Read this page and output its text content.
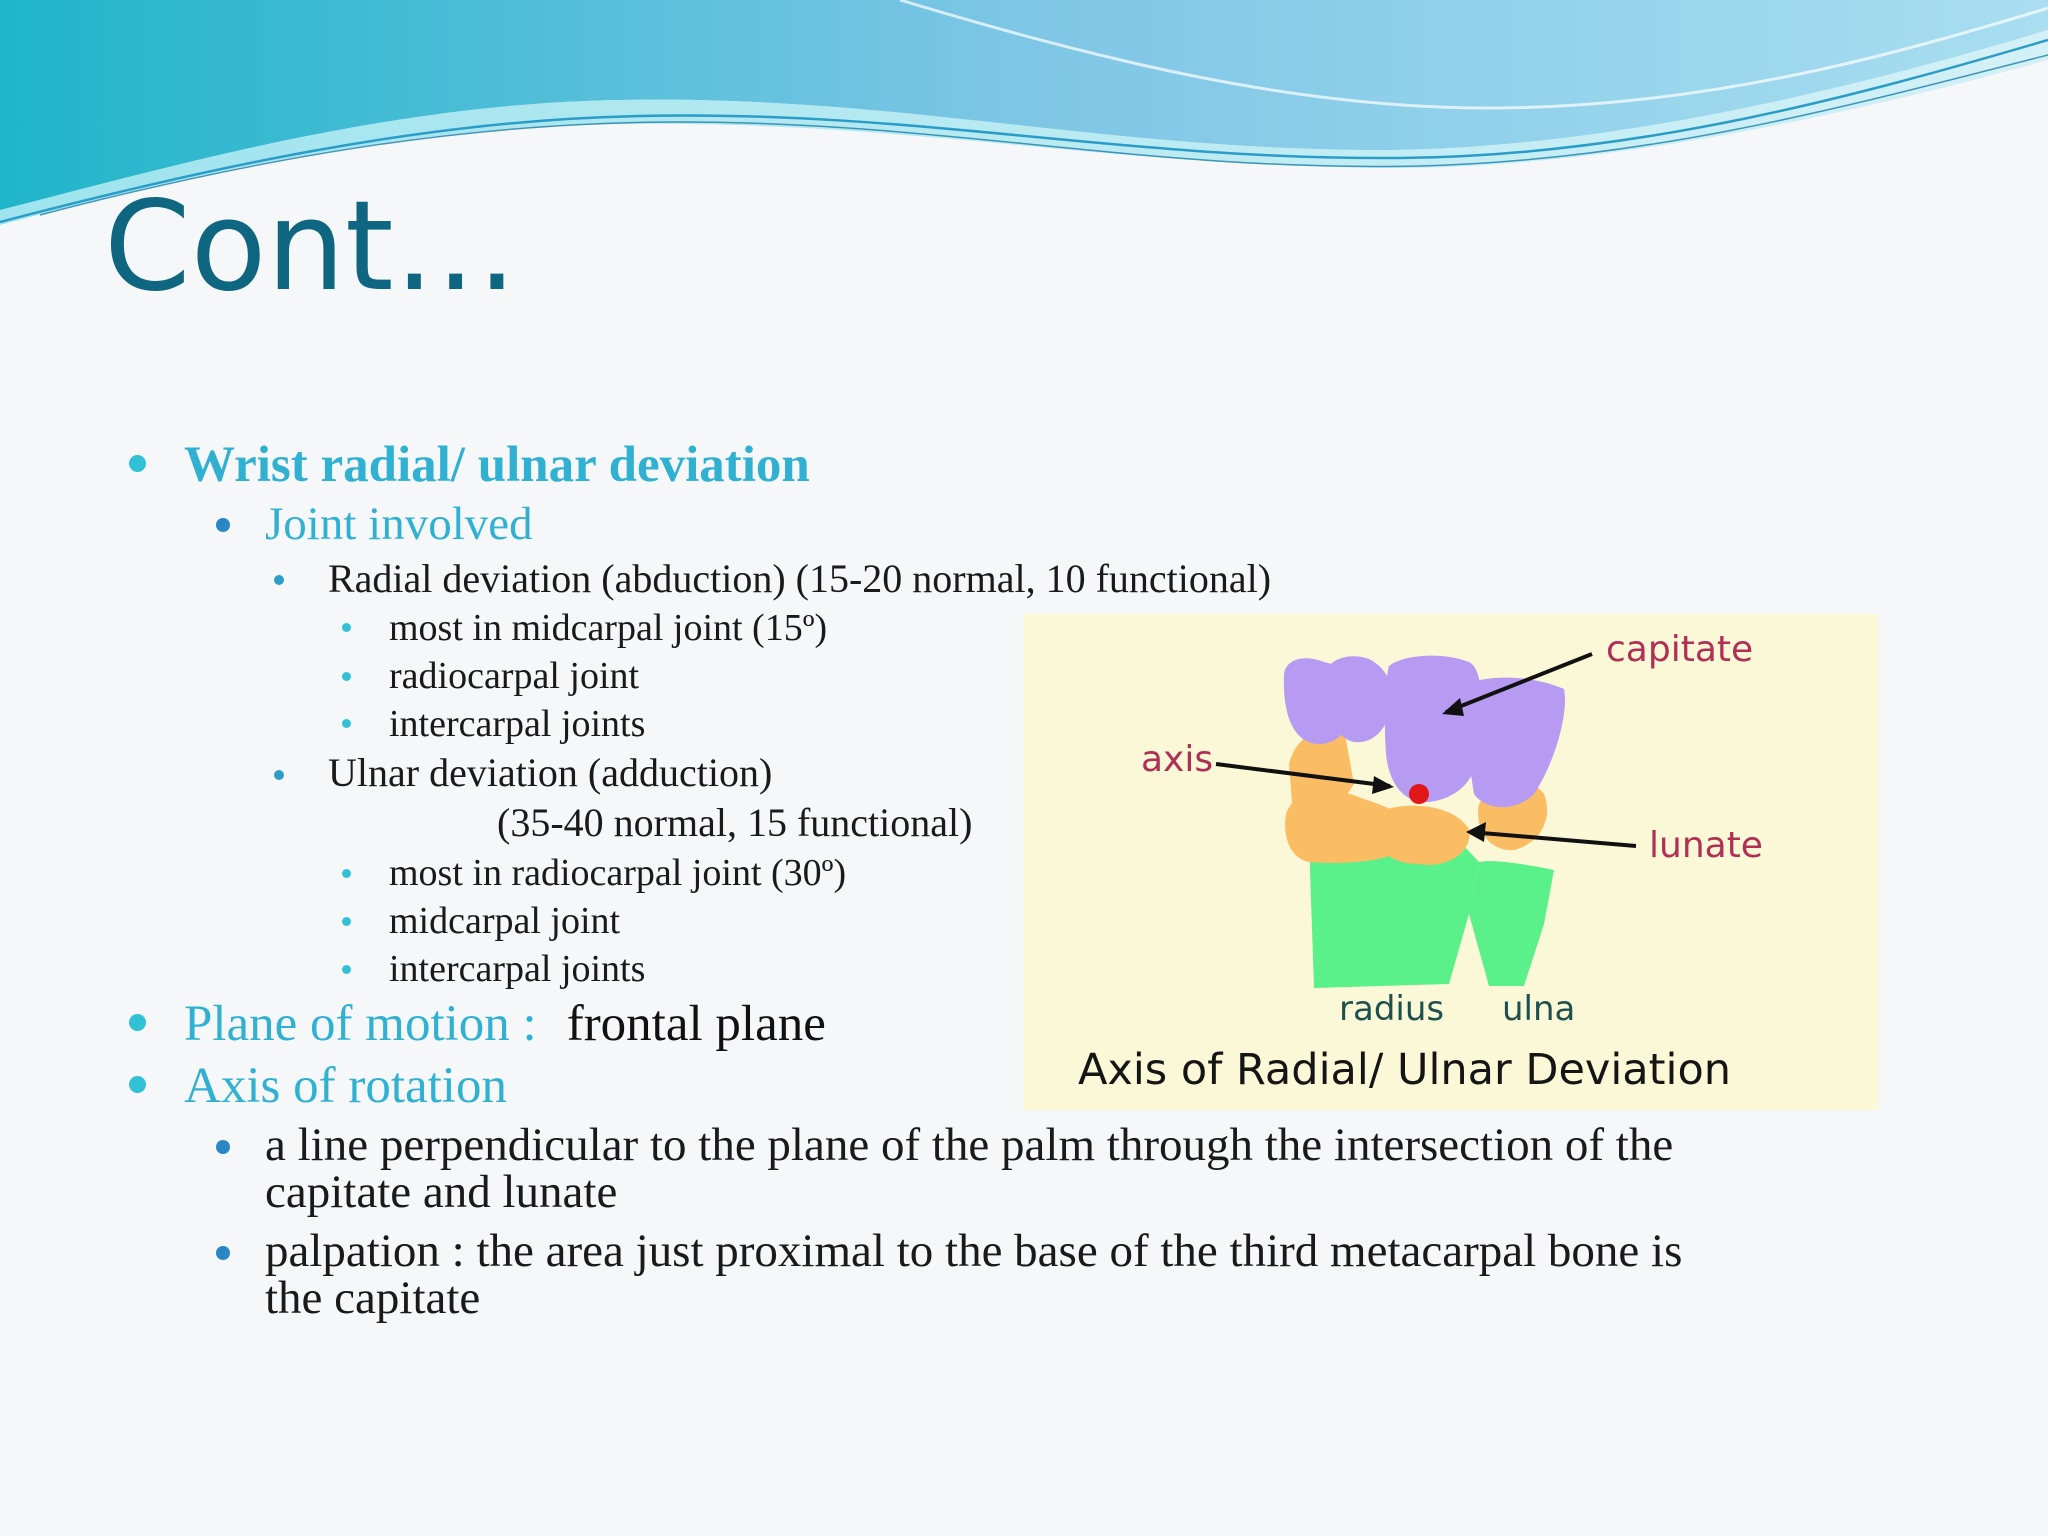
Cont…
Wrist radial/ ulnar deviation
Joint involved
Radial deviation (abduction) (15-20 normal, 10 functional)
most in midcarpal joint (15º)
radiocarpal joint
intercarpal joints
Ulnar deviation (adduction)
(35-40 normal, 15 functional)
most in radiocarpal joint (30º)
midcarpal joint
intercarpal joints
Plane of motion : frontal plane
Axis of rotation
a line perpendicular to the plane of the palm through the intersection of the
capitate and lunate
palpation : the area just proximal to the base of the third metacarpal bone is
the capitate
capitate
axis
lunate
radius ulna
Axis of Radial/ Ulnar Deviation
